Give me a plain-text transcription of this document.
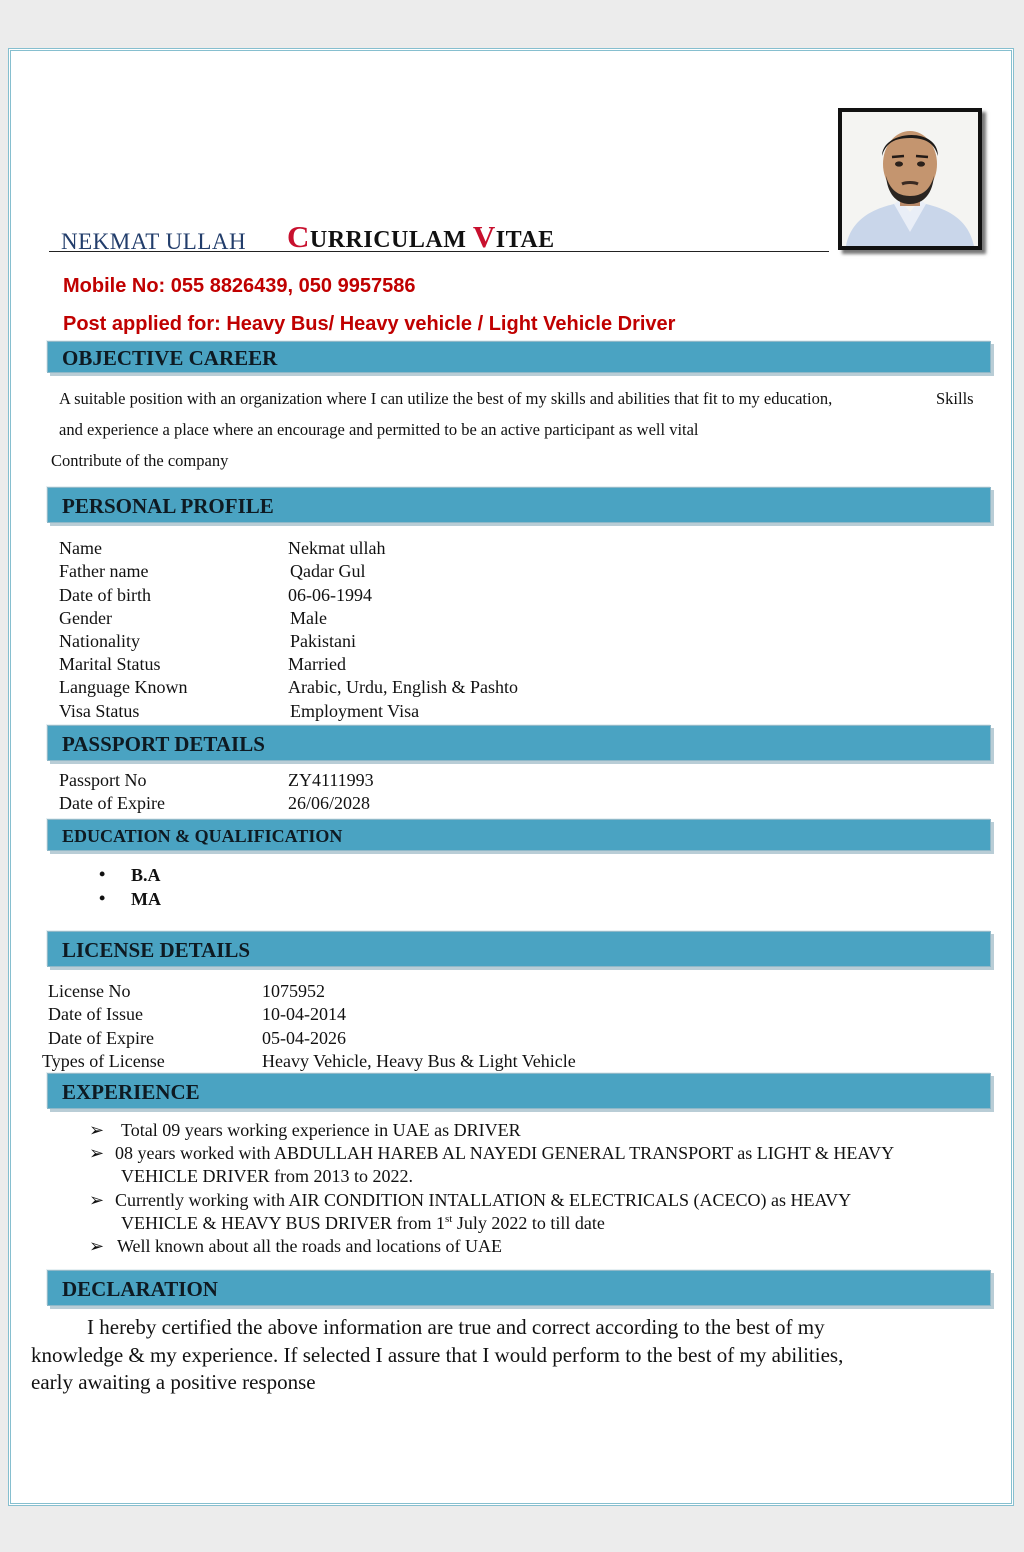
CURRICULAM VITAE
NEKMAT ULLAH
Mobile No: 055 8826439, 050 9957586
Post applied for: Heavy Bus/ Heavy vehicle / Light Vehicle Driver
OBJECTIVE CAREER
A suitable position with an organization where I can utilize the best of my skills and abilities that fit to my education,	Skills
and experience a place where an encourage and permitted to be an active participant as well vital
Contribute of the company
PERSONAL PROFILE
Name	Nekmat ullah
Father name	Qadar Gul
Date of birth	06-06-1994
Gender	Male
Nationality	Pakistani
Marital Status	Married
Language Known	Arabic, Urdu, English & Pashto
Visa Status	Employment Visa
PASSPORT DETAILS
Passport No	ZY4111993
Date of Expire	26/06/2028
EDUCATION & QUALIFICATION
• B.A
• MA
LICENSE DETAILS
License No	1075952
Date of Issue	10-04-2014
Date of Expire	05-04-2026
Types of License	Heavy Vehicle, Heavy Bus & Light Vehicle
EXPERIENCE
➢ Total 09 years working experience in UAE as DRIVER
➢ 08 years worked with ABDULLAH HAREB AL NAYEDI GENERAL TRANSPORT as LIGHT & HEAVY
VEHICLE DRIVER from 2013 to 2022.
➢ Currently working with AIR CONDITION INTALLATION & ELECTRICALS (ACECO) as HEAVY
VEHICLE & HEAVY BUS DRIVER from 1st July 2022 to till date
➢ Well known about all the roads and locations of UAE
DECLARATION
I hereby certified the above information are true and correct according to the best of my
knowledge & my experience. If selected I assure that I would perform to the best of my abilities,
early awaiting a positive response
